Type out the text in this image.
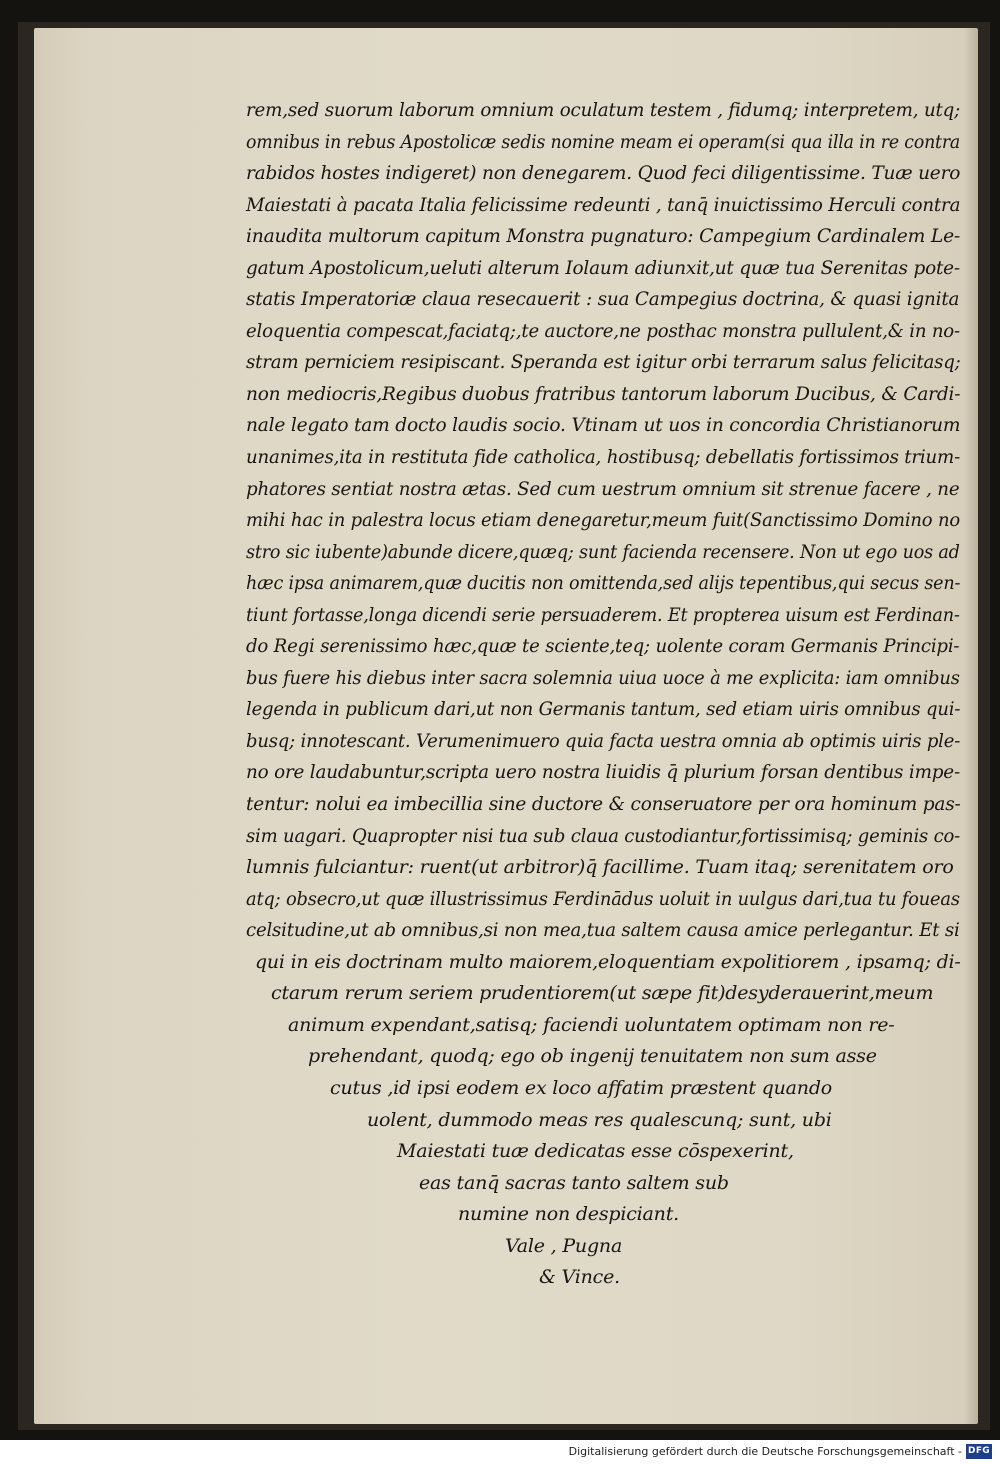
rem,sed suorum laborum omnium oculatum testem , fidumq; interpretem, utq;
omnibus in rebus Apostolicæ sedis nomine meam ei operam(si qua illa in re contra
rabidos hostes indigeret) non denegarem. Quod feci diligentissime. Tuæ uero
Maiestati à pacata Italia felicissime redeunti , tanq̄ inuictissimo Herculi contra
inaudita multorum capitum Monstra pugnaturo: Campegium Cardinalem Le-
gatum Apostolicum,ueluti alterum Iolaum adiunxit,ut quæ tua Serenitas pote-
statis Imperatoriæ claua resecauerit : sua Campegius doctrina, & quasi ignita
eloquentia compescat,faciatq;,te auctore,ne posthac monstra pullulent,& in no-
stram perniciem resipiscant. Speranda est igitur orbi terrarum salus felicitasq;
non mediocris,Regibus duobus fratribus tantorum laborum Ducibus, & Cardi-
nale legato tam docto laudis socio. Vtinam ut uos in concordia Christianorum
unanimes,ita in restituta fide catholica, hostibusq; debellatis fortissimos trium-
phatores sentiat nostra ætas. Sed cum uestrum omnium sit strenue facere , ne
mihi hac in palestra locus etiam denegaretur,meum fuit(Sanctissimo Domino no
stro sic iubente)abunde dicere,quæq; sunt facienda recensere. Non ut ego uos ad
hæc ipsa animarem,quæ ducitis non omittenda,sed alijs tepentibus,qui secus sen-
tiunt fortasse,longa dicendi serie persuaderem. Et propterea uisum est Ferdinan-
do Regi serenissimo hæc,quæ te sciente,teq; uolente coram Germanis Principi-
bus fuere his diebus inter sacra solemnia uiua uoce à me explicita: iam omnibus
legenda in publicum dari,ut non Germanis tantum, sed etiam uiris omnibus qui-
busq; innotescant. Verumenimuero quia facta uestra omnia ab optimis uiris ple-
no ore laudabuntur,scripta uero nostra liuidis q̄ plurium forsan dentibus impe-
tentur: nolui ea imbecillia sine ductore & conseruatore per ora hominum pas-
sim uagari. Quapropter nisi tua sub claua custodiantur,fortissimisq; geminis co-
lumnis fulciantur: ruent(ut arbitror)q̄ facillime. Tuam itaq; serenitatem oro
atq; obsecro,ut quæ illustrissimus Ferdinādus uoluit in uulgus dari,tua tu foueas
celsitudine,ut ab omnibus,si non mea,tua saltem causa amice perlegantur. Et si
qui in eis doctrinam multo maiorem,eloquentiam expolitiorem , ipsamq; di-
ctarum rerum seriem prudentiorem(ut sæpe fit)desyderauerint,meum
animum expendant,satisq; faciendi uoluntatem optimam non re-
prehendant, quodq; ego ob ingenij tenuitatem non sum asse
cutus ,id ipsi eodem ex loco affatim præstent quando
uolent, dummodo meas res qualescunq; sunt, ubi
Maiestati tuæ dedicatas esse cōspexerint,
eas tanq̄ sacras tanto saltem sub
numine non despiciant.
Vale , Pugna
& Vince.
Digitalisierung gefördert durch die Deutsche Forschungsgemeinschaft - DFG
